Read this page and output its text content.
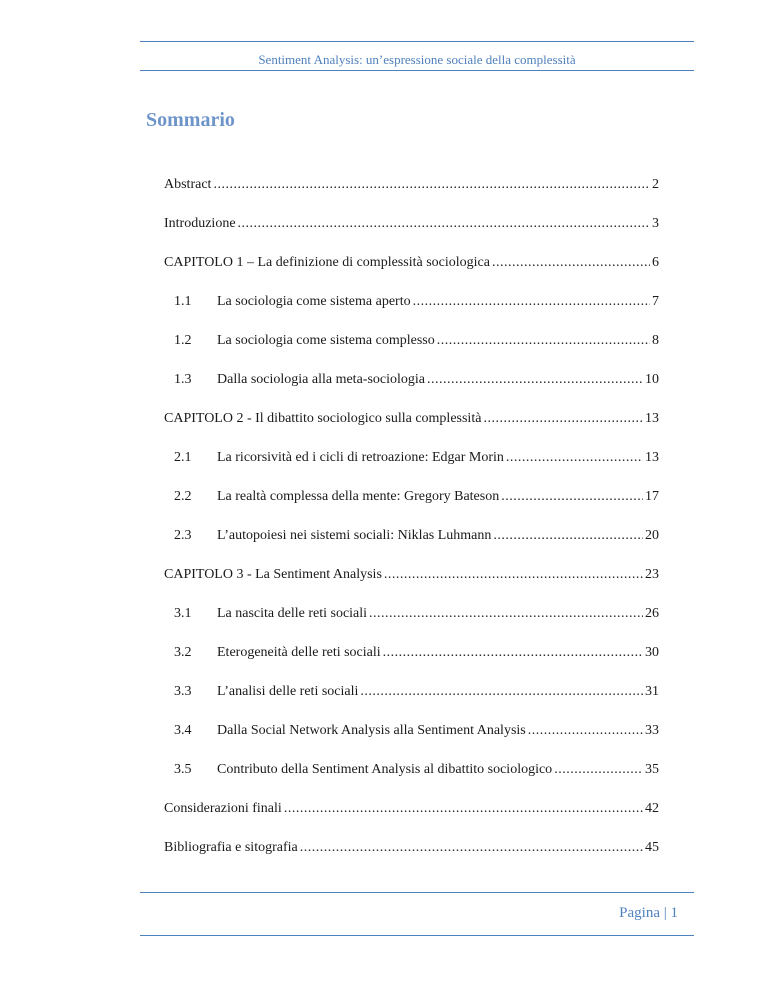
Sentiment Analysis: un’espressione sociale della complessità
Sommario
Abstract .....	2
Introduzione .....	3
CAPITOLO 1 – La definizione di complessità sociologica .....	6
1.1	La sociologia come sistema aperto .....	7
1.2	La sociologia come sistema complesso .....	8
1.3	Dalla sociologia alla meta-sociologia .....	10
CAPITOLO 2 - Il dibattito sociologico sulla complessità .....	13
2.1	La ricorsività ed i cicli di retroazione: Edgar Morin .....	13
2.2	La realtà complessa della mente: Gregory Bateson .....	17
2.3	L’autopoiesi nei sistemi sociali: Niklas Luhmann .....	20
CAPITOLO 3 - La Sentiment Analysis .....	23
3.1	La nascita delle reti sociali .....	26
3.2	Eterogeneità delle reti sociali .....	30
3.3	L’analisi delle reti sociali .....	31
3.4	Dalla Social Network Analysis alla Sentiment Analysis .....	33
3.5	Contributo della Sentiment Analysis al dibattito sociologico .....	35
Considerazioni finali .....	42
Bibliografia e sitografia .....	45
Pagina | 1
